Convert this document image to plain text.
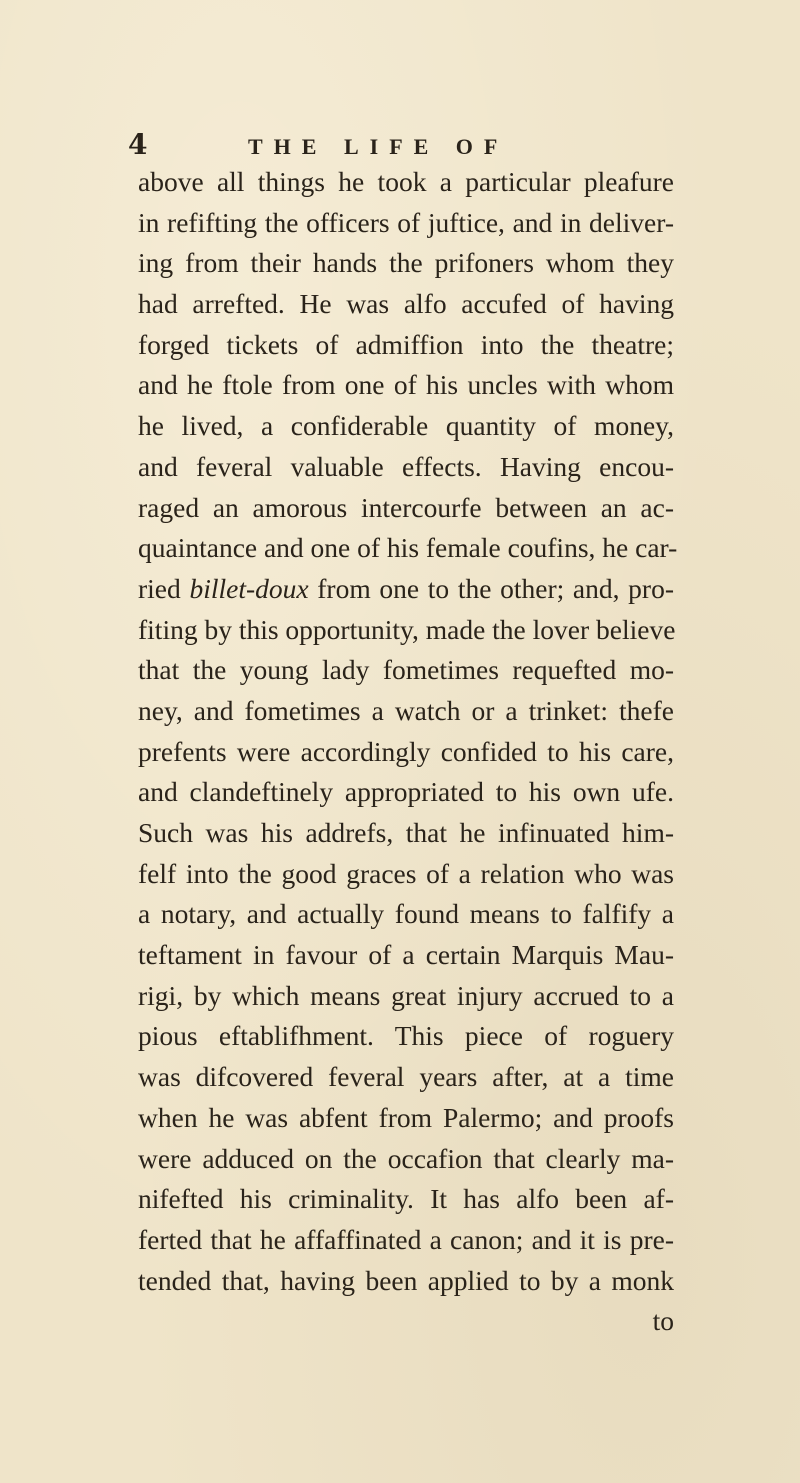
4	THE LIFE OF
above all things he took a particular pleafure
in refifting the officers of juftice, and in deliver-
ing from their hands the prifoners whom they
had arrefted. He was alfo accufed of having
forged tickets of admiffion into the theatre;
and he ftole from one of his uncles with whom
he lived, a confiderable quantity of money,
and feveral valuable effects. Having encou-
raged an amorous intercourfe between an ac-
quaintance and one of his female coufins, he car-
ried billet-doux from one to the other; and, pro-
fiting by this opportunity, made the lover believe
that the young lady fometimes requefted mo-
ney, and fometimes a watch or a trinket: thefe
prefents were accordingly confided to his care,
and clandeftinely appropriated to his own ufe.
Such was his addrefs, that he infinuated him-
felf into the good graces of a relation who was
a notary, and actually found means to falfify a
teftament in favour of a certain Marquis Mau-
rigi, by which means great injury accrued to a
pious eftablifhment. This piece of roguery
was difcovered feveral years after, at a time
when he was abfent from Palermo; and proofs
were adduced on the occafion that clearly ma-
nifefted his criminality. It has alfo been af-
ferted that he affaffinated a canon; and it is pre-
tended that, having been applied to by a monk
to
